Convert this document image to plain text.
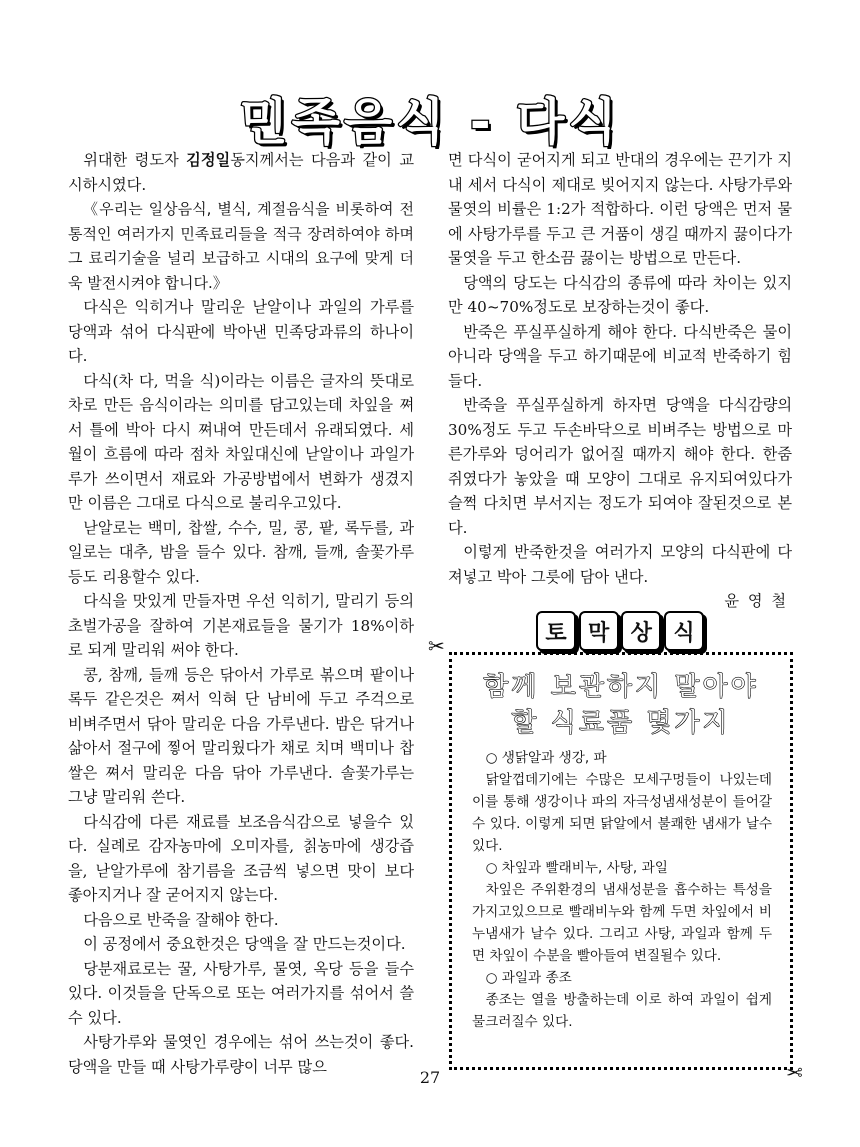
민족음식 - 다식

위대한 령도자 김정일동지께서는 다음과 같이 교시하시였다.

《우리는 일상음식, 별식, 계절음식을 비롯하여 전통적인 여러가지 민족료리들을 적극 장려하여야 하며 그 료리기술을 널리 보급하고 시대의 요구에 맞게 더욱 발전시켜야 합니다.》

다식은 익히거나 말리운 낟알이나 과일의 가루를 당액과 섞어 다식판에 박아낸 민족당과류의 하나이다.

다식(차 다, 먹을 식)이라는 이름은 글자의 뜻대로 차로 만든 음식이라는 의미를 담고있는데 차잎을 쪄서 틀에 박아 다시 쪄내여 만든데서 유래되였다. 세월이 흐름에 따라 점차 차잎대신에 낟알이나 과일가루가 쓰이면서 재료와 가공방법에서 변화가 생겼지만 이름은 그대로 다식으로 불리우고있다.

낟알로는 백미, 찹쌀, 수수, 밀, 콩, 팥, 록두를, 과일로는 대추, 밤을 들수 있다. 참깨, 들깨, 솔꽃가루 등도 리용할수 있다.

다식을 맛있게 만들자면 우선 익히기, 말리기 등의 초벌가공을 잘하여 기본재료들을 물기가 18%이하로 되게 말리워 써야 한다.

콩, 참깨, 들깨 등은 닦아서 가루로 볶으며 팥이나 록두 같은것은 쪄서 익혀 단 남비에 두고 주걱으로 비벼주면서 닦아 말리운 다음 가루낸다. 밤은 닦거나 삶아서 절구에 찧어 말리웠다가 채로 치며 백미나 찹쌀은 쪄서 말리운 다음 닦아 가루낸다. 솔꽃가루는 그냥 말리워 쓴다.

다식감에 다른 재료를 보조음식감으로 넣을수 있다. 실례로 감자농마에 오미자를, 칡농마에 생강즙을, 낟알가루에 참기름을 조금씩 넣으면 맛이 보다 좋아지거나 잘 굳어지지 않는다.

다음으로 반죽을 잘해야 한다.

이 공정에서 중요한것은 당액을 잘 만드는것이다.

당분재료로는 꿀, 사탕가루, 물엿, 옥당 등을 들수 있다. 이것들을 단독으로 또는 여러가지를 섞어서 쓸수 있다.

사탕가루와 물엿인 경우에는 섞어 쓰는것이 좋다. 당액을 만들 때 사탕가루량이 너무 많으

면 다식이 굳어지게 되고 반대의 경우에는 끈기가 지내 세서 다식이 제대로 빚어지지 않는다. 사탕가루와 물엿의 비률은 1:2가 적합하다. 이런 당액은 먼저 물에 사탕가루를 두고 큰 거품이 생길 때까지 끓이다가 물엿을 두고 한소끔 끓이는 방법으로 만든다.

당액의 당도는 다식감의 종류에 따라 차이는 있지만 40~70%정도로 보장하는것이 좋다.

반죽은 푸실푸실하게 해야 한다. 다식반죽은 물이 아니라 당액을 두고 하기때문에 비교적 반죽하기 힘들다.

반죽을 푸실푸실하게 하자면 당액을 다식감량의 30%정도 두고 두손바닥으로 비벼주는 방법으로 마른가루와 덩어리가 없어질 때까지 해야 한다. 한줌 쥐였다가 놓았을 때 모양이 그대로 유지되여있다가 슬쩍 다치면 부서지는 정도가 되여야 잘된것으로 본다.

이렇게 반죽한것을 여러가지 모양의 다식판에 다져넣고 박아 그릇에 담아 낸다.

윤 영 철
토 막 상 식
✂
✂
함께 보관하지 말아야
할 식료품 몇가지
○ 생닭알과 생강, 파

닭알껍데기에는 수많은 모세구멍들이 나있는데 이를 통해 생강이나 파의 자극성냄새성분이 들어갈수 있다. 이렇게 되면 닭알에서 불쾌한 냄새가 날수 있다.

○ 차잎과 빨래비누, 사탕, 과일

차잎은 주위환경의 냄새성분을 흡수하는 특성을 가지고있으므로 빨래비누와 함께 두면 차잎에서 비누냄새가 날수 있다. 그리고 사탕, 과일과 함께 두면 차잎이 수분을 빨아들여 변질될수 있다.

○ 과일과 종조

종조는 열을 방출하는데 이로 하여 과일이 쉽게 물크러질수 있다.

27
